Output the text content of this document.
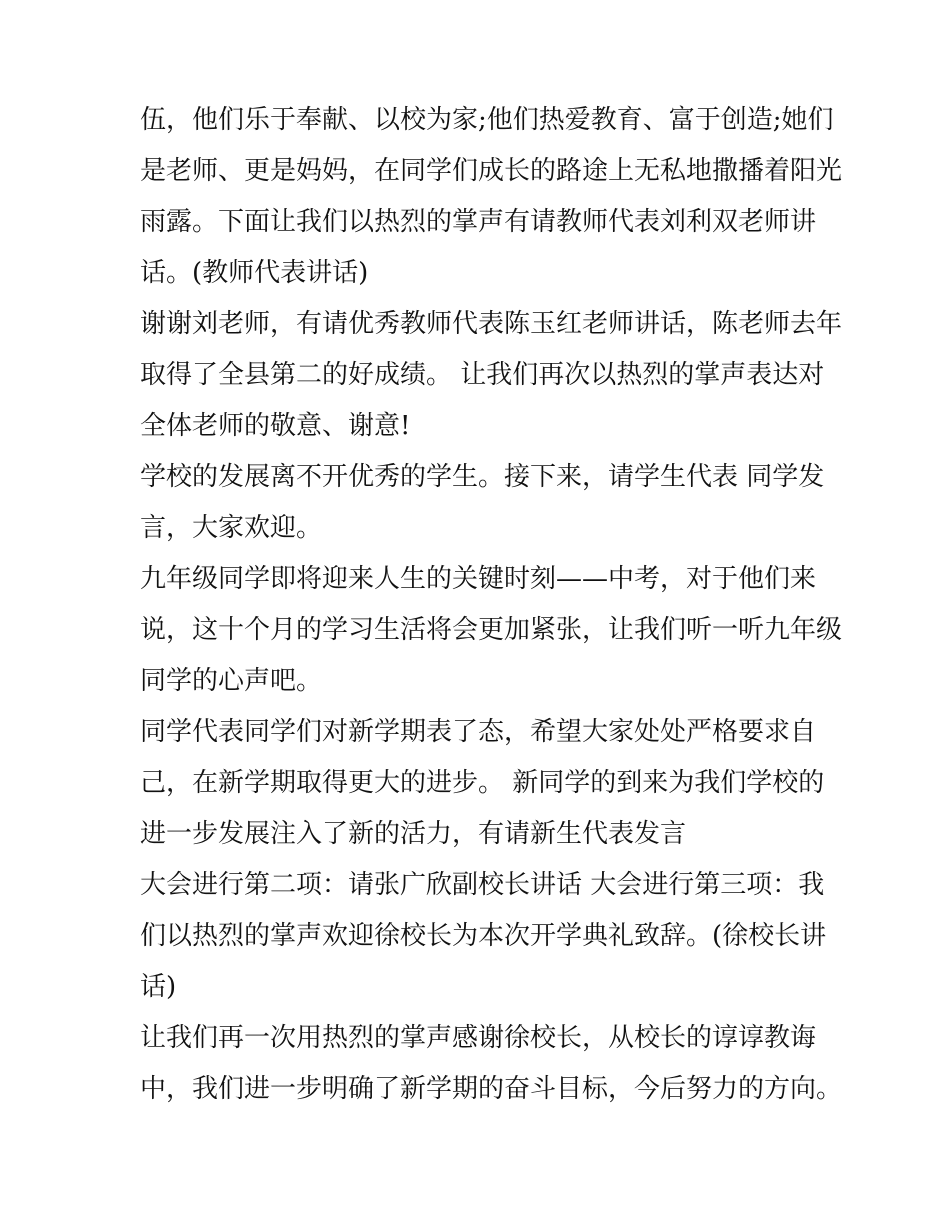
伍，他们乐于奉献、以校为家;他们热爱教育、富于创造;她们
是老师、更是妈妈，在同学们成长的路途上无私地撒播着阳光
雨露。下面让我们以热烈的掌声有请教师代表刘利双老师讲
话。(教师代表讲话)
谢谢刘老师，有请优秀教师代表陈玉红老师讲话，陈老师去年
取得了全县第二的好成绩。 让我们再次以热烈的掌声表达对
全体老师的敬意、谢意!
学校的发展离不开优秀的学生。接下来，请学生代表 同学发
言，大家欢迎。
九年级同学即将迎来人生的关键时刻——中考，对于他们来
说，这十个月的学习生活将会更加紧张，让我们听一听九年级
同学的心声吧。
同学代表同学们对新学期表了态，希望大家处处严格要求自
己，在新学期取得更大的进步。 新同学的到来为我们学校的
进一步发展注入了新的活力，有请新生代表发言
大会进行第二项：请张广欣副校长讲话 大会进行第三项：我
们以热烈的掌声欢迎徐校长为本次开学典礼致辞。(徐校长讲
话)
让我们再一次用热烈的掌声感谢徐校长，从校长的谆谆教诲
中，我们进一步明确了新学期的奋斗目标，今后努力的方向。
